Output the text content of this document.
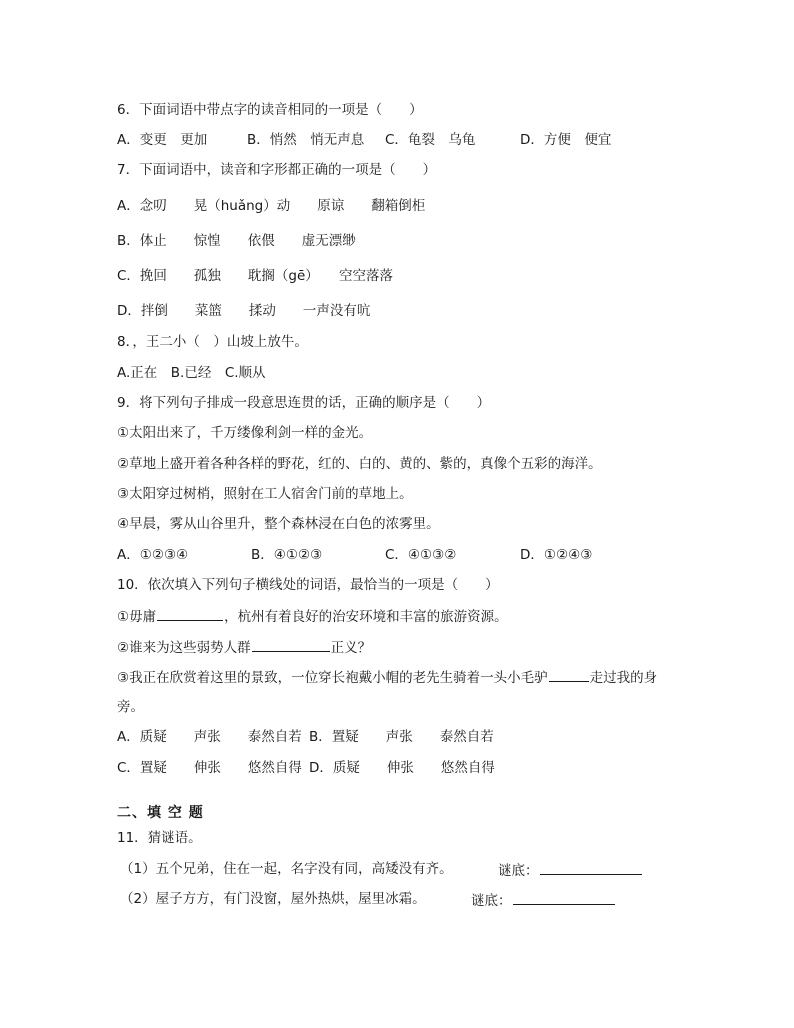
6．下面词语中带点字的读音相同的一项是（　　）
A．变更　更加	B．悄然　悄无声息 C．龟裂　乌龟	D．方便　便宜
7．下面词语中，读音和字形都正确的一项是（　　）
A．念叨　　晃（huǎng）动　　原谅　　翻箱倒柜
B．体止　　惊惶　　依偎　　虚无漂缈
C．挽回　　孤独　　耽搁（gē）　　空空落落
D．拌倒　　菜篮　　揉动　　一声没有吭
8．，王二小（　）山坡上放牛。
A.正在　B.已经　C.顺从
9．将下列句子排成一段意思连贯的话，正确的顺序是（　　）
①太阳出来了，千万缕像利剑一样的金光。
②草地上盛开着各种各样的野花，红的、白的、黄的、紫的，真像个五彩的海洋。
③太阳穿过树梢，照射在工人宿舍门前的草地上。
④早晨，雾从山谷里升，整个森林浸在白色的浓雾里。
A．①②③④	B．④①②③	C．④①③②	D．①②④③
10．依次填入下列句子横线处的词语，最恰当的一项是（　　）
①毋庸	，杭州有着良好的治安环境和丰富的旅游资源。
②谁来为这些弱势人群	正义？
③我正在欣赏着这里的景致，一位穿长袍戴小帽的老先生骑着一头小毛驴	走过我的身
旁。
A．质疑　　声张　　泰然自若 B．置疑　　声张　　泰然自若
C．置疑　　伸张　　悠然自得 D．质疑　　伸张　　悠然自得
二、填 空 题
11．猜谜语。
（1）五个兄弟，住在一起，名字没有同，高矮没有齐。	谜底：
（2）屋子方方，有门没窗，屋外热烘，屋里冰霜。	谜底：
